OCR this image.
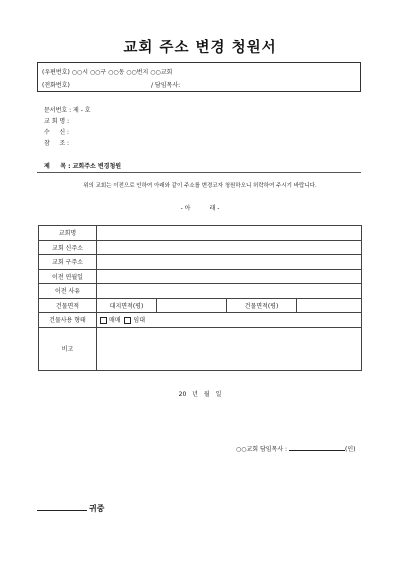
교회 주소 변경 청원서
(우편번호) ○○시 ○○구 ○○동 ○○번지 ○○교회
(전화번호)	/ 담임목사:
문서번호 : 제 - 호
교 회 명 :
수     신 :
참     조 :
제     목 : 교회주소 변경청원
위의 교회는 이전으로 인하여 아래와 같이 주소를 변경코자 청원하오니 허락하여 주시기 바랍니다.
- 아          래 -
교회명				
교회 신주소				
교회 구주소				
이전 연월일				
이전 사유				
건물면적	대지면적(평)		건물면적(평)	
건물사용 형태	매매 임대			
비고				
20 년 월 일
○○교회 담임목사 :	(인)
귀중
